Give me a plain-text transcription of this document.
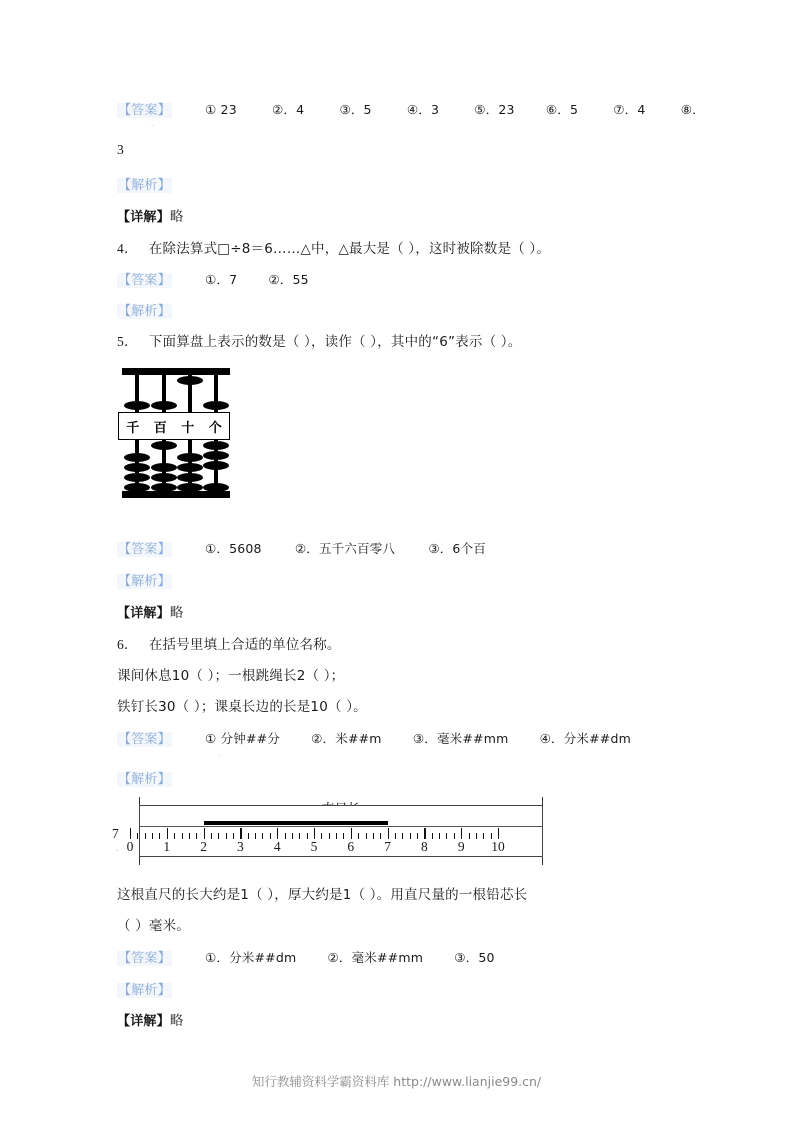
【答案】	① 23	②．4	③．5	④．3	⑤．23 ⑥．5	⑦．4	⑧．
.
3
【解析】
【详解】略
4． 在除法算式□÷8＝6……△中，△最大是（ ），这时被除数是（ ）。
【答案】	①．7 ②．55
【解析】
5． 下面算盘上表示的数是（ ），读作（ ），其中的“6”表示（ ）。
千	百	十	个
【答案】	①．5608	②．五千六百零八	③．6个百
【解析】
【详解】略
6． 在括号里填上合适的单位名称。
课间休息10（ ）；一根跳绳长2（ ）；
铁钉长30（ ）；课桌长边的长是10（ ）。
【答案】	① 分钟##分 ②．米##m ③．毫米##mm ④．分米##dm
.
【解析】
7
. 0 1 2 3 4 5 6 7 8 9 10
这根直尺的长大约是1（ ），厚大约是1（ ）。用直尺量的一根铅芯长
（ ）毫米。
【答案】	①．分米##dm ②．毫米##mm ③．50
【解析】
【详解】略
知行教辅资料学霸资料库 http://www.lianjie99.cn/
